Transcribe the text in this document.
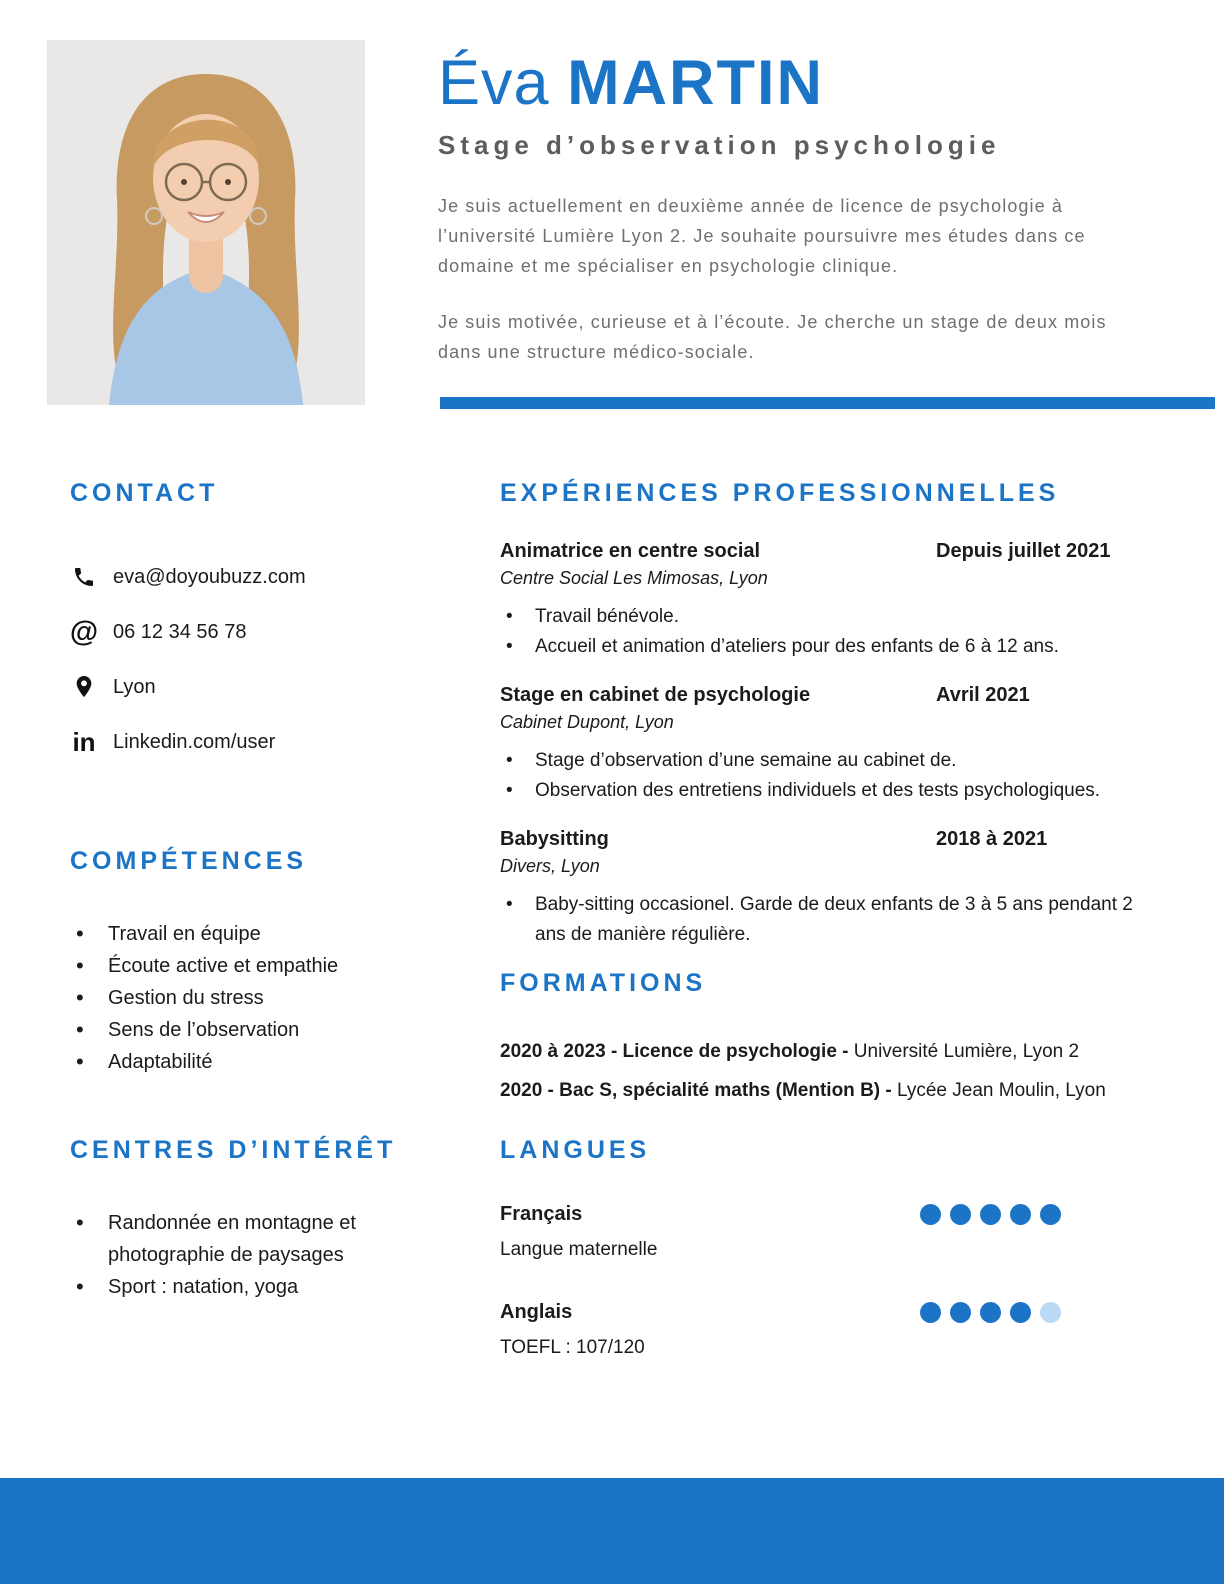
Éva MARTIN
Stage d’observation psychologie

Je suis actuellement en deuxième année de licence de psychologie à l’université Lumière Lyon 2. Je souhaite poursuivre mes études dans ce domaine et me spécialiser en psychologie clinique.

Je suis motivée, curieuse et à l’écoute. Je cherche un stage de deux mois dans une structure médico-sociale.

CONTACT
eva@doyoubuzz.com
@ 06 12 34 56 78
Lyon
in Linkedin.com/user
COMPÉTENCES
• Travail en équipe
• Écoute active et empathie
• Gestion du stress
• Sens de l’observation
• Adaptabilité
CENTRES D’INTÉRÊT
• Randonnée en montagne et photographie de paysages
• Sport : natation, yoga
EXPÉRIENCES PROFESSIONNELLES
Animatrice en centre social	Depuis juillet 2021
Centre Social Les Mimosas, Lyon
• Travail bénévole.
• Accueil et animation d’ateliers pour des enfants de 6 à 12 ans.
Stage en cabinet de psychologie	Avril 2021
Cabinet Dupont, Lyon
• Stage d’observation d’une semaine au cabinet de.
• Observation des entretiens individuels et des tests psychologiques.
Babysitting	2018 à 2021
Divers, Lyon
• Baby-sitting occasionel. Garde de deux enfants de 3 à 5 ans pendant 2 ans de manière régulière.
FORMATIONS
2020 à 2023 - Licence de psychologie - Université Lumière, Lyon 2
2020 - Bac S, spécialité maths (Mention B) - Lycée Jean Moulin, Lyon
LANGUES
Français
Langue maternelle
Anglais
TOEFL : 107/120
